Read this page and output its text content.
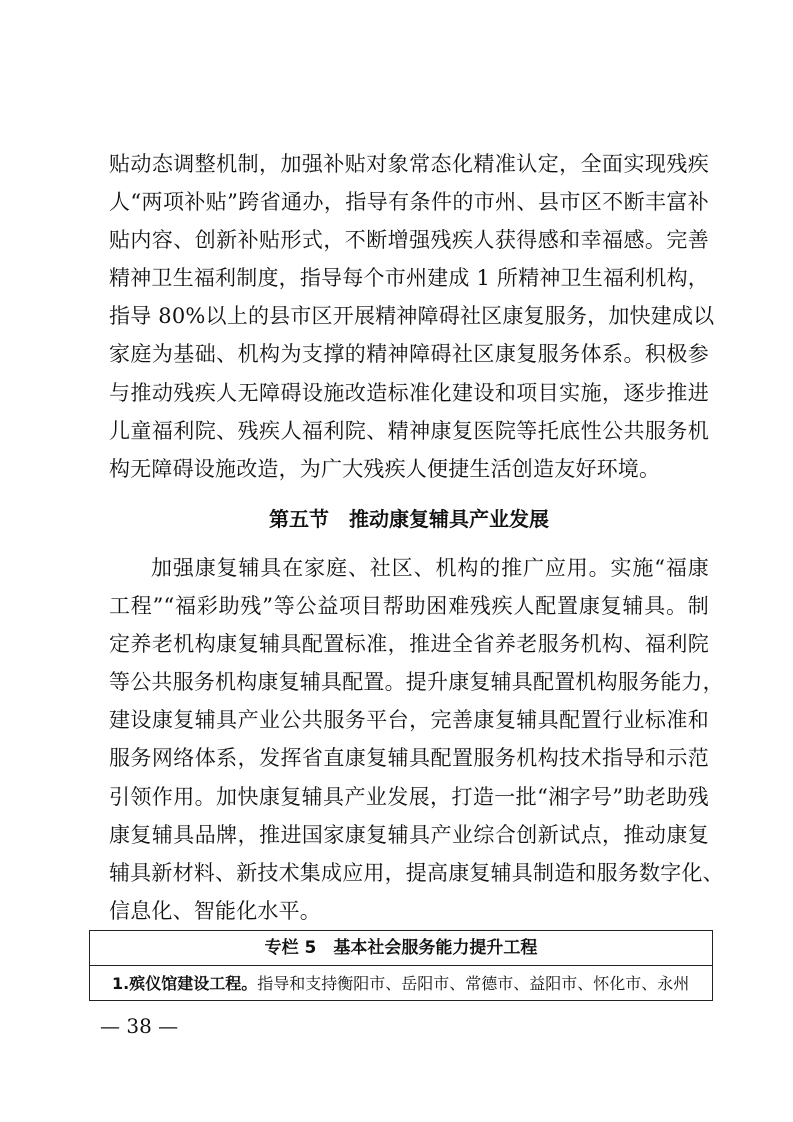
贴动态调整机制，加强补贴对象常态化精准认定，全面实现残疾
人“两项补贴”跨省通办，指导有条件的市州、县市区不断丰富补
贴内容、创新补贴形式，不断增强残疾人获得感和幸福感。完善
精神卫生福利制度，指导每个市州建成 1 所精神卫生福利机构，
指导 80%以上的县市区开展精神障碍社区康复服务，加快建成以
家庭为基础、机构为支撑的精神障碍社区康复服务体系。积极参
与推动残疾人无障碍设施改造标准化建设和项目实施，逐步推进
儿童福利院、残疾人福利院、精神康复医院等托底性公共服务机
构无障碍设施改造，为广大残疾人便捷生活创造友好环境。
第五节　推动康复辅具产业发展
加强康复辅具在家庭、社区、机构的推广应用。实施“福康
工程”“福彩助残”等公益项目帮助困难残疾人配置康复辅具。制
定养老机构康复辅具配置标准，推进全省养老服务机构、福利院
等公共服务机构康复辅具配置。提升康复辅具配置机构服务能力，
建设康复辅具产业公共服务平台，完善康复辅具配置行业标准和
服务网络体系，发挥省直康复辅具配置服务机构技术指导和示范
引领作用。加快康复辅具产业发展，打造一批“湘字号”助老助残
康复辅具品牌，推进国家康复辅具产业综合创新试点，推动康复
辅具新材料、新技术集成应用，提高康复辅具制造和服务数字化、
信息化、智能化水平。
专栏 5　基本社会服务能力提升工程
1.殡仪馆建设工程。指导和支持衡阳市、岳阳市、常德市、益阳市、怀化市、永州
— 38 —
